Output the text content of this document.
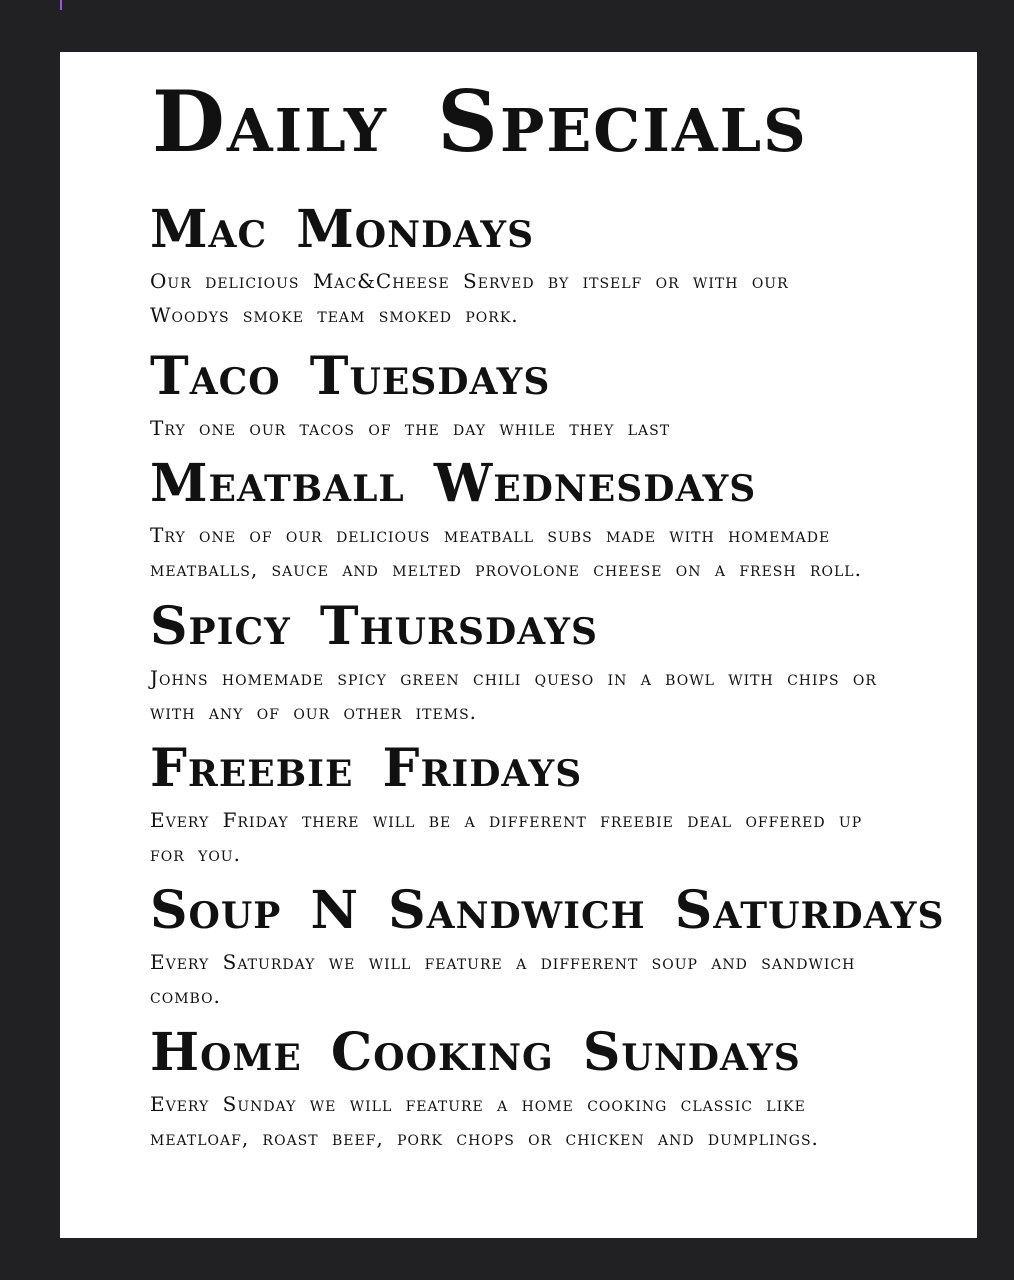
Daily Specials
Mac Mondays

Our delicious Mac&Cheese Served by itself or with our Woodys smoke team smoked pork.

Taco Tuesdays

Try one our tacos of the day while they last

Meatball Wednesdays

Try one of our delicious meatball subs made with homemade meatballs, sauce and melted provolone cheese on a fresh roll.

Spicy Thursdays

Johns homemade spicy green chili queso in a bowl with chips or with any of our other items.

Freebie Fridays

Every Friday there will be a different freebie deal offered up for you.

Soup N Sandwich Saturdays

Every Saturday we will feature a different soup and sandwich combo.

Home Cooking Sundays

Every Sunday we will feature a home cooking classic like meatloaf, roast beef, pork chops or chicken and dumplings.
